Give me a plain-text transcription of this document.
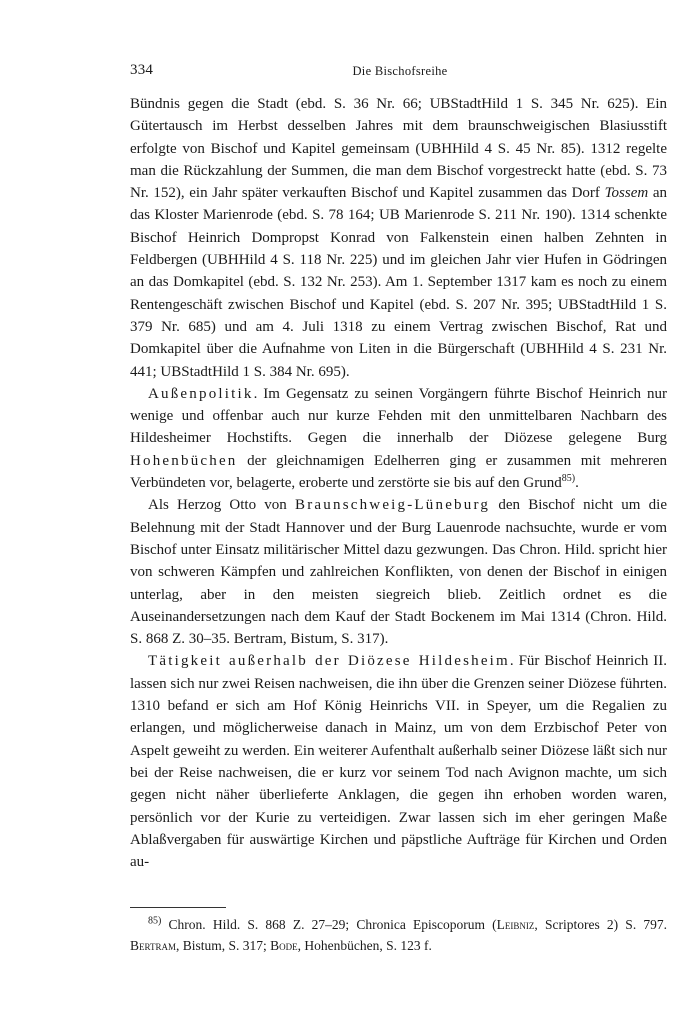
334	Die Bischofsreihe

Bündnis gegen die Stadt (ebd. S. 36 Nr. 66; UBStadtHild 1 S. 345 Nr. 625). Ein Gütertausch im Herbst desselben Jahres mit dem braunschweigischen Blasiusstift erfolgte von Bischof und Kapitel gemeinsam (UBHHild 4 S. 45 Nr. 85). 1312 regelte man die Rückzahlung der Summen, die man dem Bischof vorgestreckt hatte (ebd. S. 73 Nr. 152), ein Jahr später verkauften Bischof und Kapitel zusammen das Dorf Tossem an das Kloster Marienrode (ebd. S. 78 164; UB Marienrode S. 211 Nr. 190). 1314 schenkte Bischof Heinrich Dompropst Konrad von Falkenstein einen halben Zehnten in Feldbergen (UBHHild 4 S. 118 Nr. 225) und im gleichen Jahr vier Hufen in Gödringen an das Domkapitel (ebd. S. 132 Nr. 253). Am 1. September 1317 kam es noch zu einem Rentengeschäft zwischen Bischof und Kapitel (ebd. S. 207 Nr. 395; UBStadtHild 1 S. 379 Nr. 685) und am 4. Juli 1318 zu einem Vertrag zwischen Bischof, Rat und Domkapitel über die Aufnahme von Liten in die Bürgerschaft (UBHHild 4 S. 231 Nr. 441; UBStadtHild 1 S. 384 Nr. 695).

Außenpolitik. Im Gegensatz zu seinen Vorgängern führte Bischof Heinrich nur wenige und offenbar auch nur kurze Fehden mit den unmittelbaren Nachbarn des Hildesheimer Hochstifts. Gegen die innerhalb der Diözese gelegene Burg Hohenbüchen der gleichnamigen Edelherren ging er zusammen mit mehreren Verbündeten vor, belagerte, eroberte und zerstörte sie bis auf den Grund$^{85)}$.

Als Herzog Otto von Braunschweig-Lüneburg den Bischof nicht um die Belehnung mit der Stadt Hannover und der Burg Lauenrode nachsuchte, wurde er vom Bischof unter Einsatz militärischer Mittel dazu gezwungen. Das Chron. Hild. spricht hier von schweren Kämpfen und zahlreichen Konflikten, von denen der Bischof in einigen unterlag, aber in den meisten siegreich blieb. Zeitlich ordnet es die Auseinandersetzungen nach dem Kauf der Stadt Bockenem im Mai 1314 (Chron. Hild. S. 868 Z. 30–35. Bertram, Bistum, S. 317).

Tätigkeit außerhalb der Diözese Hildesheim. Für Bischof Heinrich II. lassen sich nur zwei Reisen nachweisen, die ihn über die Grenzen seiner Diözese führten. 1310 befand er sich am Hof König Heinrichs VII. in Speyer, um die Regalien zu erlangen, und möglicherweise danach in Mainz, um von dem Erzbischof Peter von Aspelt geweiht zu werden. Ein weiterer Aufenthalt außerhalb seiner Diözese läßt sich nur bei der Reise nachweisen, die er kurz vor seinem Tod nach Avignon machte, um sich gegen nicht näher überlieferte Anklagen, die gegen ihn erhoben worden waren, persönlich vor der Kurie zu verteidigen. Zwar lassen sich im eher geringen Maße Ablaßvergaben für auswärtige Kirchen und päpstliche Aufträge für Kirchen und Orden au-

$^{85)}$ Chron. Hild. S. 868 Z. 27–29; Chronica Episcoporum (Leibniz, Scriptores 2) S. 797. Bertram, Bistum, S. 317; Bode, Hohenbüchen, S. 123 f.
